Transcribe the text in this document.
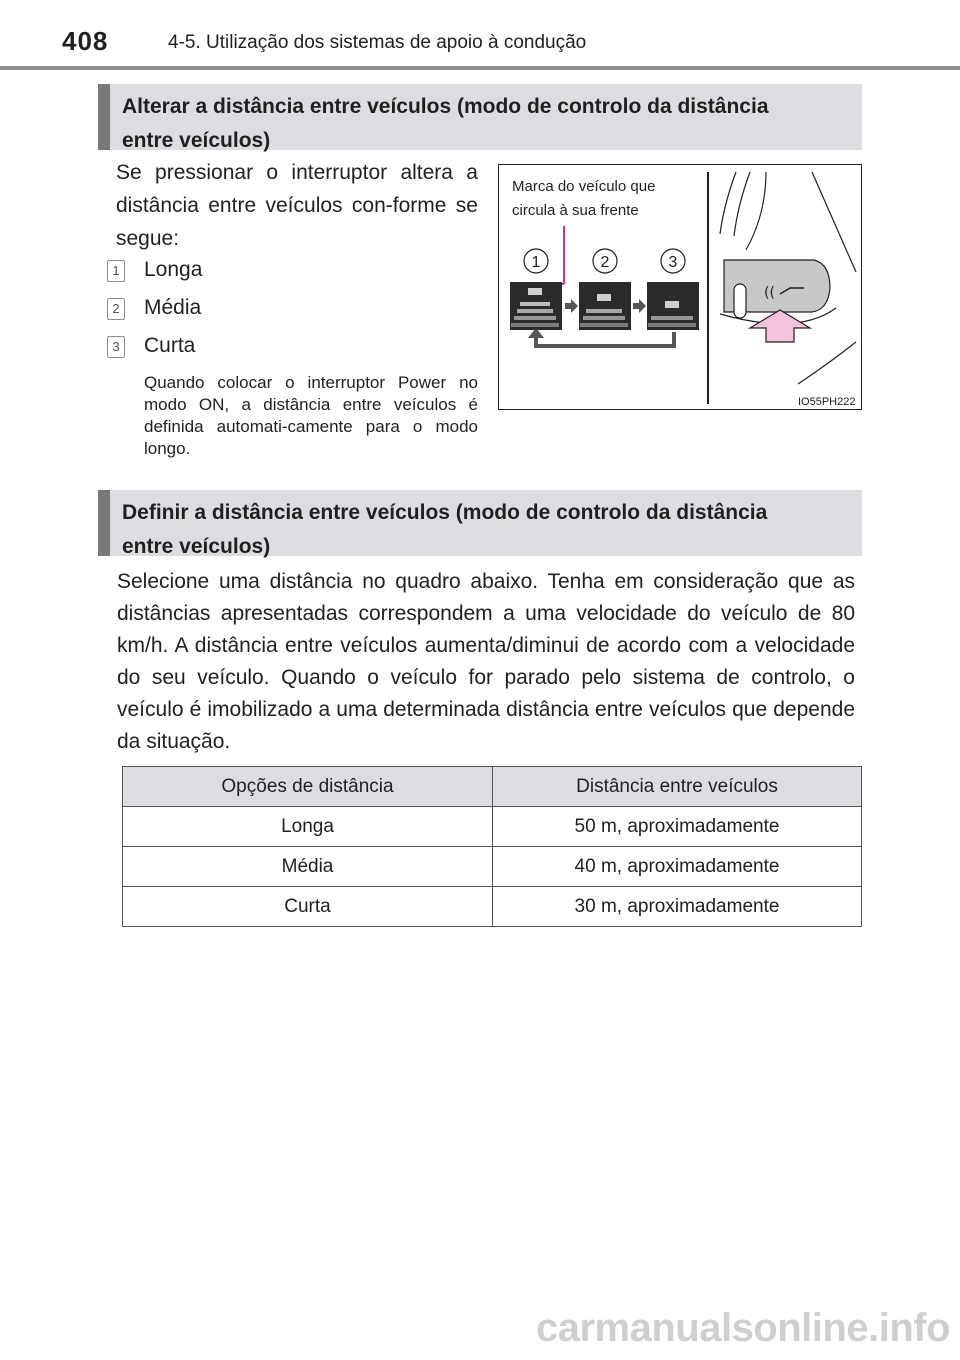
408	4-5. Utilização dos sistemas de apoio à condução
Alterar a distância entre veículos (modo de controlo da distância
entre veículos)
Se pressionar o interruptor altera a distância entre veículos con-forme se segue:
1 Longa
2 Média
3 Curta
Quando colocar o interruptor Power no modo ON, a distância entre veículos é definida automati-camente para o modo longo.
Marca do veículo que
circula à sua frente
1	2	3
((
IO55PH222
Definir a distância entre veículos (modo de controlo da distância
entre veículos)
Selecione uma distância no quadro abaixo. Tenha em consideração que as distâncias apresentadas correspondem a uma velocidade do veículo de 80 km/h. A distância entre veículos aumenta/diminui de acordo com a velocidade do seu veículo. Quando o veículo for parado pelo sistema de controlo, o veículo é imobilizado a uma determinada distância entre veículos que depende da situação.
Opções de distância	Distância entre veículos
Longa	50 m, aproximadamente
Média	40 m, aproximadamente
Curta	30 m, aproximadamente
carmanualsonline.info
